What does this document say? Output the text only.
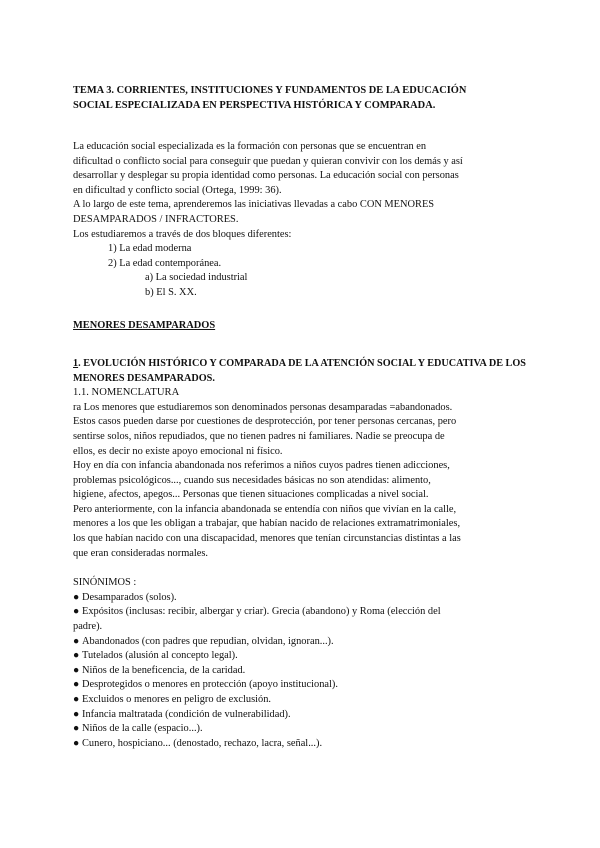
TEMA 3. CORRIENTES, INSTITUCIONES Y FUNDAMENTOS DE LA EDUCACIÓN
SOCIAL ESPECIALIZADA EN PERSPECTIVA HISTÓRICA Y COMPARADA.

La educación social especializada es la formación con personas que se encuentran en
dificultad o conflicto social para conseguir que puedan y quieran convivir con los demás y así
desarrollar y desplegar su propia identidad como personas. La educación social con personas
en dificultad y conflicto social (Ortega, 1999: 36).
A lo largo de este tema, aprenderemos las iniciativas llevadas a cabo CON MENORES
DESAMPARADOS / INFRACTORES.
Los estudiaremos a través de dos bloques diferentes:
1) La edad moderna
2) La edad contemporánea.
a) La sociedad industrial
b) El S. XX.

MENORES DESAMPARADOS

1. EVOLUCIÓN HISTÓRICO Y COMPARADA DE LA ATENCIÓN SOCIAL Y EDUCATIVA DE LOS
MENORES DESAMPARADOS.

1.1. NOMENCLATURA

ra Los menores que estudiaremos son denominados personas desamparadas =abandonados.
Estos casos pueden darse por cuestiones de desprotección, por tener personas cercanas, pero
sentirse solos, niños repudiados, que no tienen padres ni familiares. Nadie se preocupa de
ellos, es decir no existe apoyo emocional ni físico.
Hoy en día con infancia abandonada nos referimos a niños cuyos padres tienen adicciones,
problemas psicológicos..., cuando sus necesidades básicas no son atendidas: alimento,
higiene, afectos, apegos... Personas que tienen situaciones complicadas a nivel social.
Pero anteriormente, con la infancia abandonada se entendía con niños que vivían en la calle,
menores a los que les obligan a trabajar, que habían nacido de relaciones extramatrimoniales,
los que habían nacido con una discapacidad, menores que tenían circunstancias distintas a las
que eran consideradas normales.

SINÓNIMOS :

● Desamparados (solos).
● Expósitos (inclusas: recibir, albergar y criar). Grecia (abandono) y Roma (elección del
padre).
● Abandonados (con padres que repudian, olvidan, ignoran...).
● Tutelados (alusión al concepto legal).
● Niños de la beneficencia, de la caridad.
● Desprotegidos o menores en protección (apoyo institucional).
● Excluidos o menores en peligro de exclusión.
● Infancia maltratada (condición de vulnerabilidad).
● Niños de la calle (espacio...).
● Cunero, hospiciano... (denostado, rechazo, lacra, señal...).
